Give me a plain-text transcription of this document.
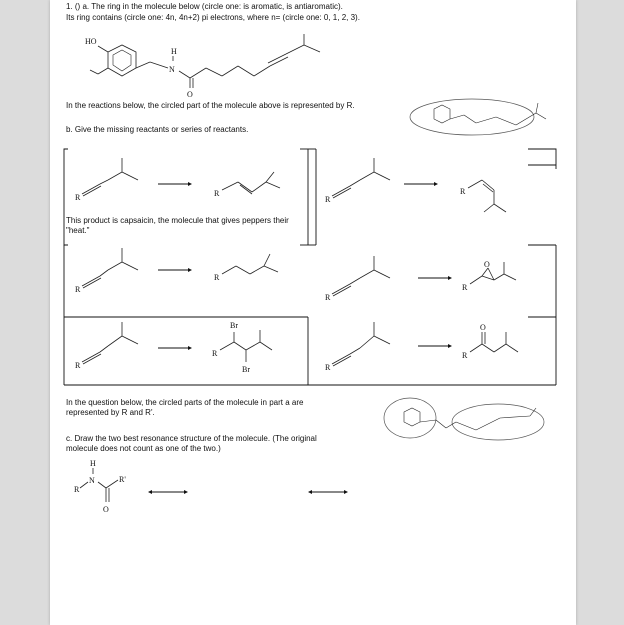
1. () a. The ring in the molecule below (circle one: is aromatic, is antiaromatic).
Its ring contains (circle one: 4n, 4n+2) pi electrons, where n= (circle one: 0, 1, 2, 3).
HO
H
N
O
In the reactions below, the circled part of the molecule above is represented by R.
b. Give the missing reactants or series of reactants.
R	R
This product is capsaicin, the molecule that gives peppers their "heat."
R
R
R
R
R
R
O
R
Br
R
Br	R
R
O
In the question below, the circled parts of the molecule in part a are
represented by R and R'.
c. Draw the two best resonance structure of the molecule. (The original
molecule does not count as one of the two.)
H
N
R
R'
O
